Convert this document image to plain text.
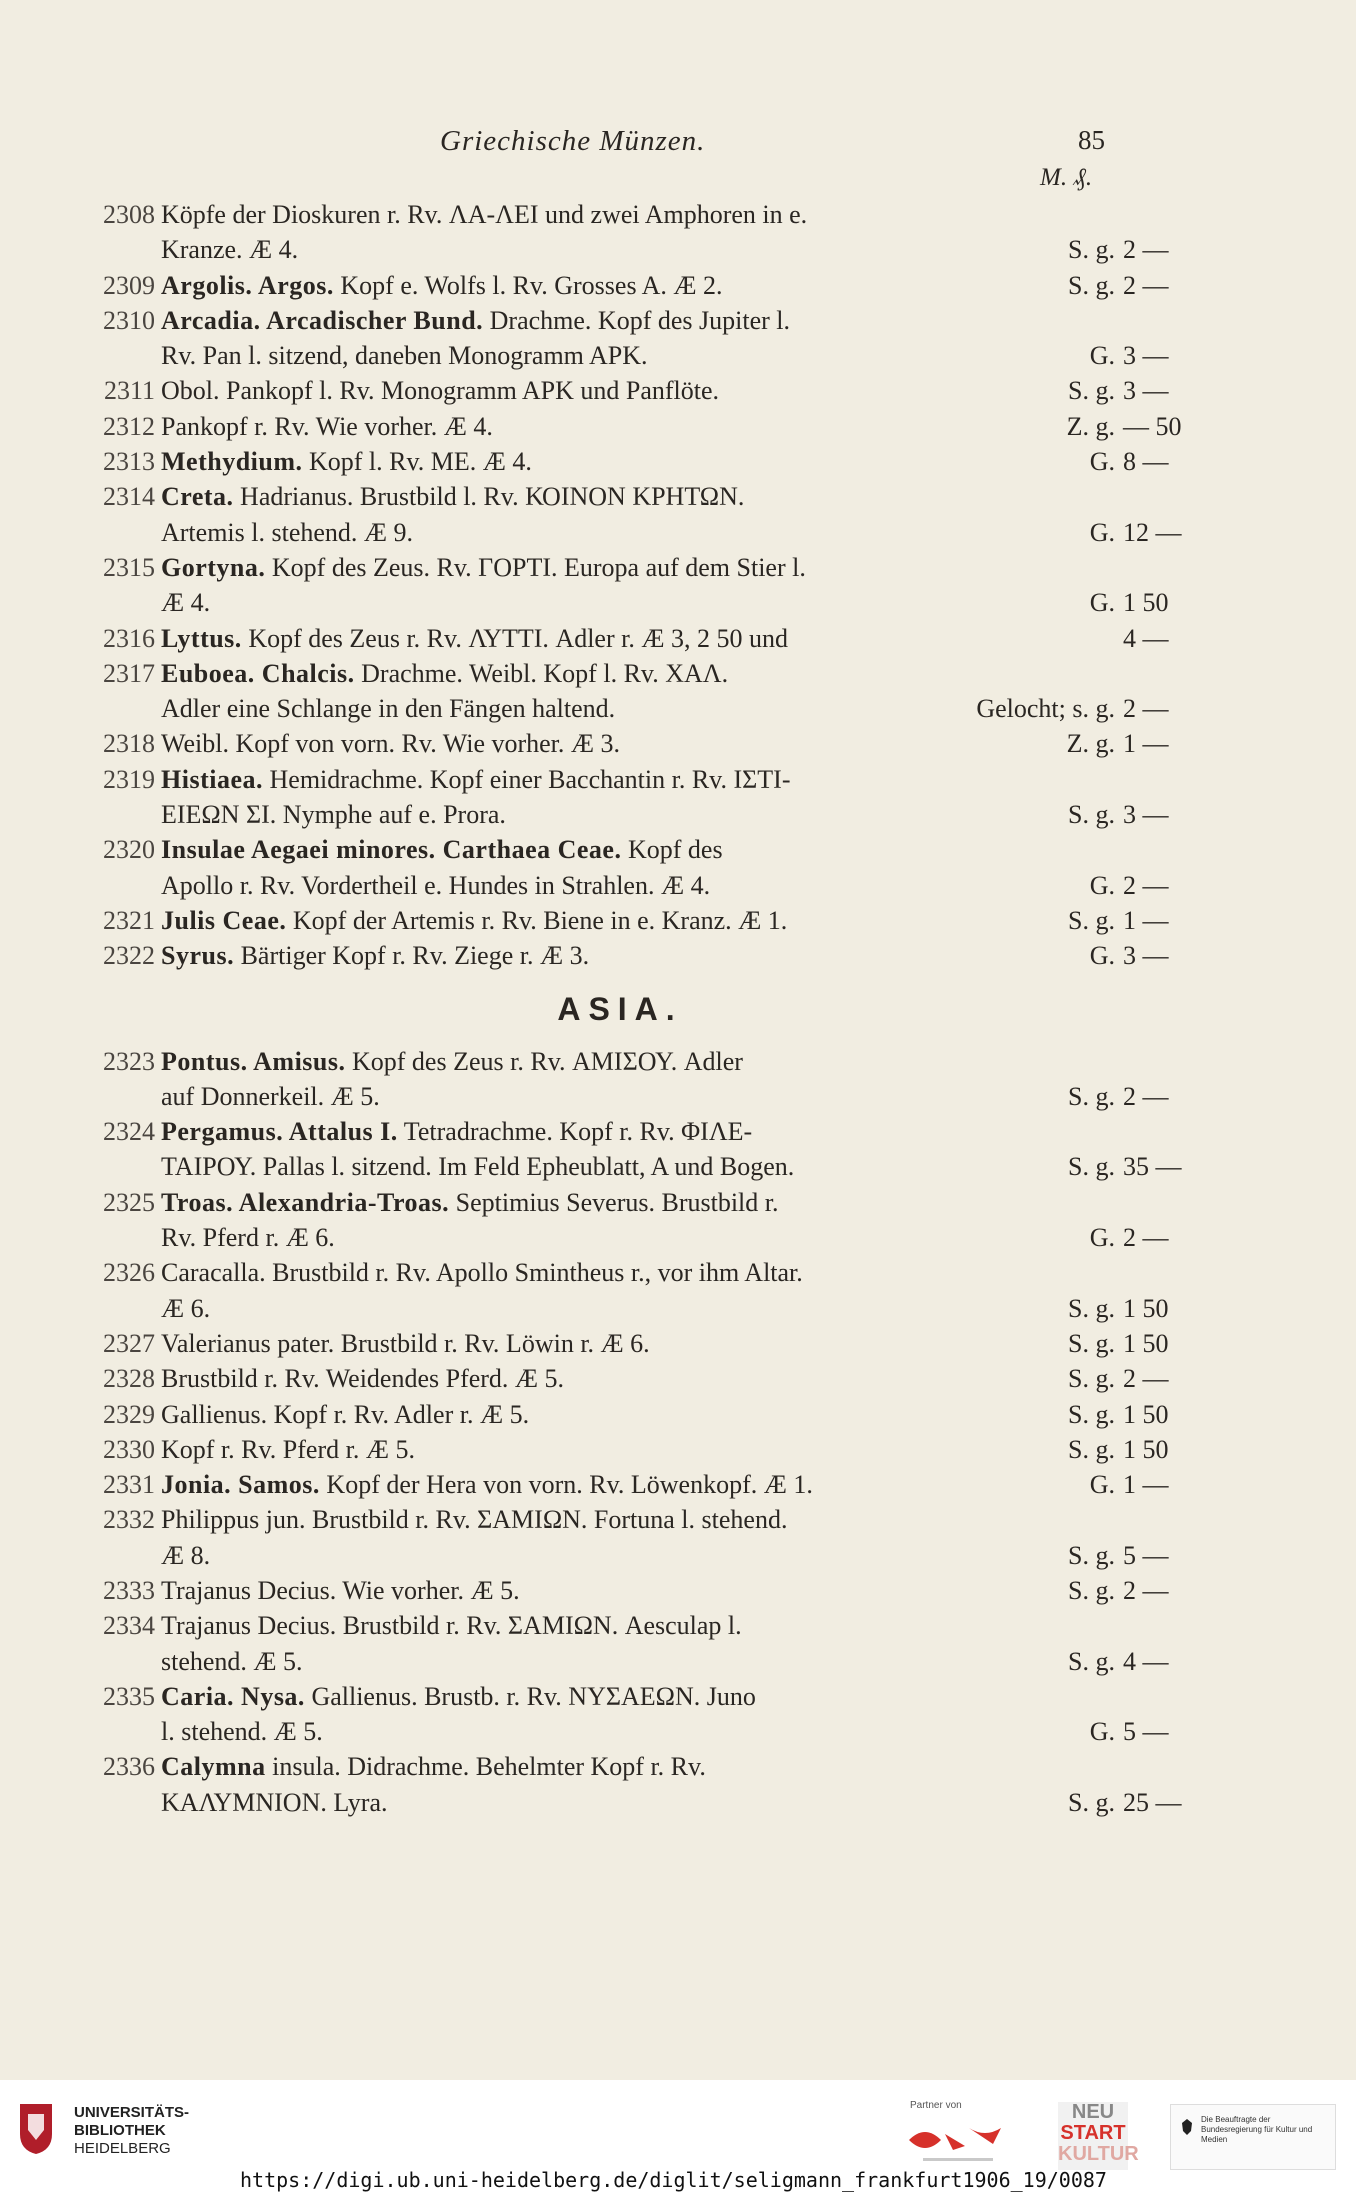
Griechische Münzen.	85
M. ₰.
2308 Köpfe der Dioskuren r. Rv. ΛΑ-ΛΕΙ und zwei Amphoren in e.
Kranze. Æ 4.	S. g. 2 —
2309 Argolis. Argos. Kopf e. Wolfs l. Rv. Grosses A. Æ 2.	S. g. 2 —
2310 Arcadia. Arcadischer Bund. Drachme. Kopf des Jupiter l.
Rv. Pan l. sitzend, daneben Monogramm APK.	G. 3 —
2311 Obol. Pankopf l. Rv. Monogramm APK und Panflöte.	S. g. 3 —
2312 Pankopf r. Rv. Wie vorher. Æ 4.	Z. g. — 50
2313 Methydium. Kopf l. Rv. ME. Æ 4.	G. 8 —
2314 Creta. Hadrianus. Brustbild l. Rv. ΚΟΙΝΟΝ ΚΡΗΤΩΝ.
Artemis l. stehend. Æ 9.	G. 12 —
2315 Gortyna. Kopf des Zeus. Rv. ΓΟΡΤΙ. Europa auf dem Stier l.
Æ 4.	G. 1 50
2316 Lyttus. Kopf des Zeus r. Rv. ΛΥΤΤΙ. Adler r. Æ 3, 2 50 und	4 —
2317 Euboea. Chalcis. Drachme. Weibl. Kopf l. Rv. ΧΑΛ.
Adler eine Schlange in den Fängen haltend.	Gelocht; s. g. 2 —
2318 Weibl. Kopf von vorn. Rv. Wie vorher. Æ 3.	Z. g. 1 —
2319 Histiaea. Hemidrachme. Kopf einer Bacchantin r. Rv. ΙΣΤΙ-
ΕΙΕΩΝ ΣΙ. Nymphe auf e. Prora.	S. g. 3 —
2320 Insulae Aegaei minores. Carthaea Ceae. Kopf des
Apollo r. Rv. Vordertheil e. Hundes in Strahlen. Æ 4.	G. 2 —
2321 Julis Ceae. Kopf der Artemis r. Rv. Biene in e. Kranz. Æ 1.	S. g. 1 —
2322 Syrus. Bärtiger Kopf r. Rv. Ziege r. Æ 3.	G. 3 —
ASIA.
2323 Pontus. Amisus. Kopf des Zeus r. Rv. ΑΜΙΣΟΥ. Adler
auf Donnerkeil. Æ 5.	S. g. 2 —
2324 Pergamus. Attalus I. Tetradrachme. Kopf r. Rv. ΦΙΛΕ-
ΤΑΙΡΟΥ. Pallas l. sitzend. Im Feld Epheublatt, A und Bogen.	S. g. 35 —
2325 Troas. Alexandria-Troas. Septimius Severus. Brustbild r.
Rv. Pferd r. Æ 6.	G. 2 —
2326 Caracalla. Brustbild r. Rv. Apollo Smintheus r., vor ihm Altar.
Æ 6.	S. g. 1 50
2327 Valerianus pater. Brustbild r. Rv. Löwin r. Æ 6.	S. g. 1 50
2328 Brustbild r. Rv. Weidendes Pferd. Æ 5.	S. g. 2 —
2329 Gallienus. Kopf r. Rv. Adler r. Æ 5.	S. g. 1 50
2330 Kopf r. Rv. Pferd r. Æ 5.	S. g. 1 50
2331 Jonia. Samos. Kopf der Hera von vorn. Rv. Löwenkopf. Æ 1.	G. 1 —
2332 Philippus jun. Brustbild r. Rv. ΣΑΜΙΩΝ. Fortuna l. stehend.
Æ 8.	S. g. 5 —
2333 Trajanus Decius. Wie vorher. Æ 5.	S. g. 2 —
2334 Trajanus Decius. Brustbild r. Rv. ΣΑΜΙΩΝ. Aesculap l.
stehend. Æ 5.	S. g. 4 —
2335 Caria. Nysa. Gallienus. Brustb. r. Rv. ΝΥΣΑΕΩΝ. Juno
l. stehend. Æ 5.	G. 5 —
2336 Calymna insula. Didrachme. Behelmter Kopf r. Rv.
ΚΑΛΥΜΝΙΟΝ. Lyra.	S. g. 25 —
UNIVERSITÄTS-
BIBLIOTHEK
HEIDELBERG
Partner von	NEU
START
KULTUR
Die Beauftragte der Bundesregierung für Kultur und Medien
https://digi.ub.uni-heidelberg.de/diglit/seligmann_frankfurt1906_19/0087
